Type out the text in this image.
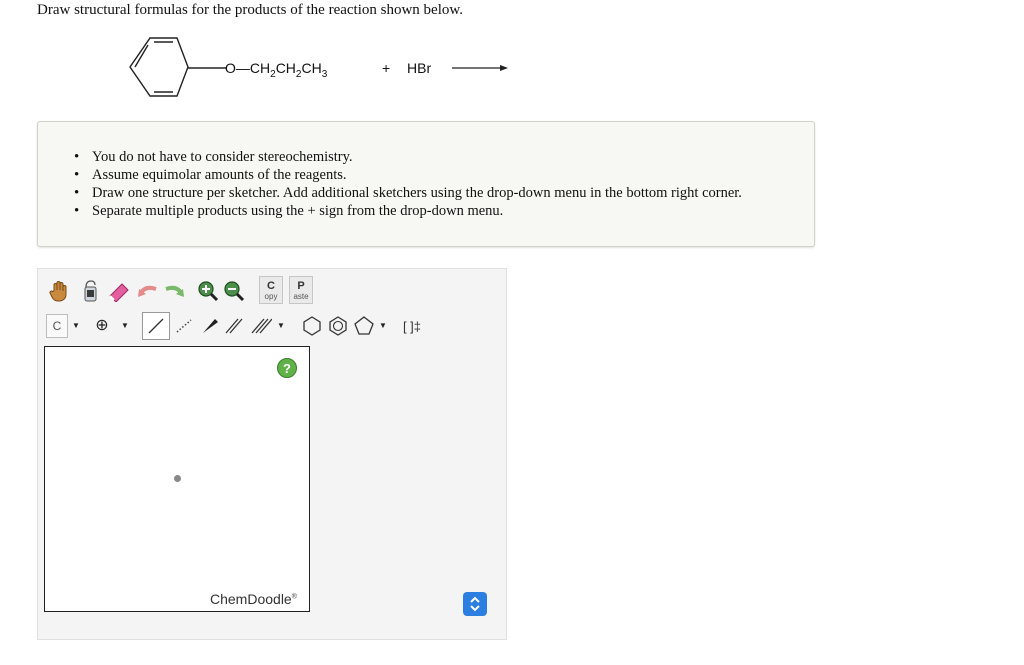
Draw structural formulas for the products of the reaction shown below.
$O—CH_2CH_2CH_3$	+ HBr
• You do not have to consider stereochemistry.
• Assume equimolar amounts of the reagents.
• Draw one structure per sketcher. Add additional sketchers using the drop-down menu in the bottom right corner.
• Separate multiple products using the + sign from the drop-down menu.
C
opy
P
aste
C ▼ ⊕ ▼	▼	▼ [ ]‡
?
ChemDoodle®
